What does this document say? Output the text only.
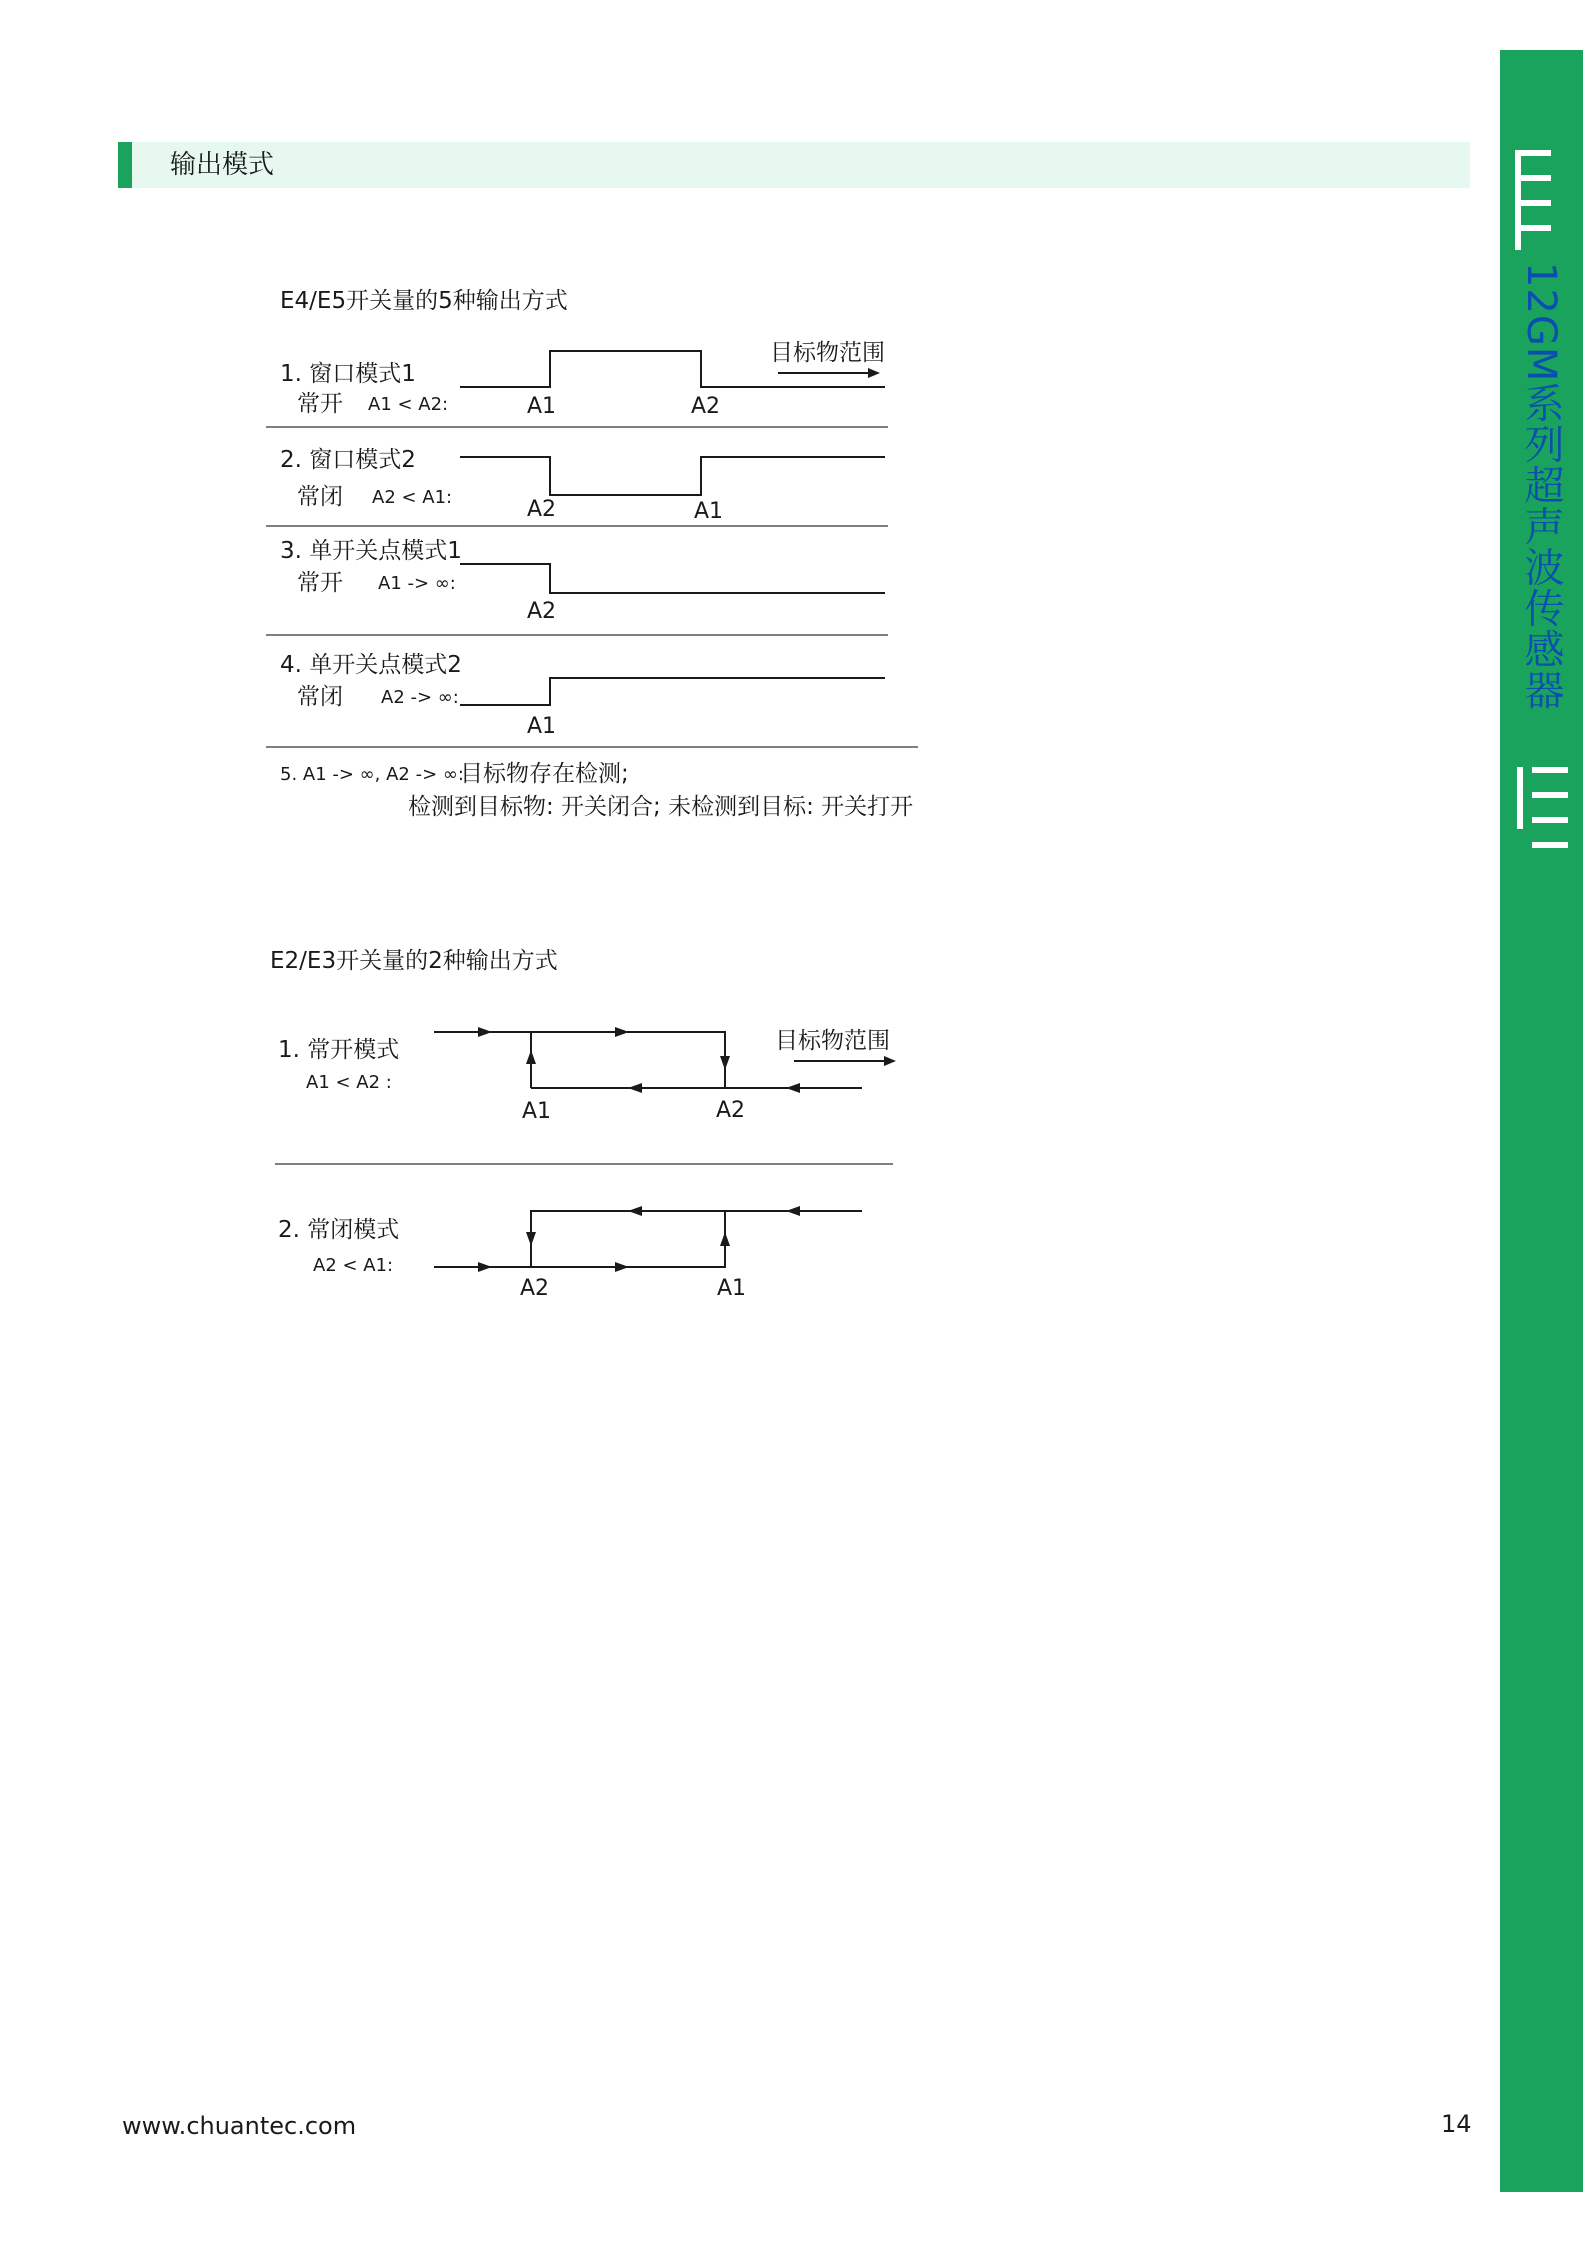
输出模式
12GM系列超声波传感器
E4/E5开关量的5种输出方式
目标物范围
1. 窗口模式1
常开 A1 < A2:	A1	A2
2. 窗口模式2
常闭 A2 < A1:	A2	A1
3. 单开关点模式1
常开 A1 -> ∞:
A2
4. 单开关点模式2
常闭 A2 -> ∞:
A1
5. A1 -> ∞, A2 -> ∞:
目标物存在检测;
检测到目标物: 开关闭合; 未检测到目标: 开关打开
E2/E3开关量的2种输出方式
目标物范围
1. 常开模式
A1 < A2 :
A1	A2
2. 常闭模式
A2 < A1:
A2	A1
www.chuantec.com	14
